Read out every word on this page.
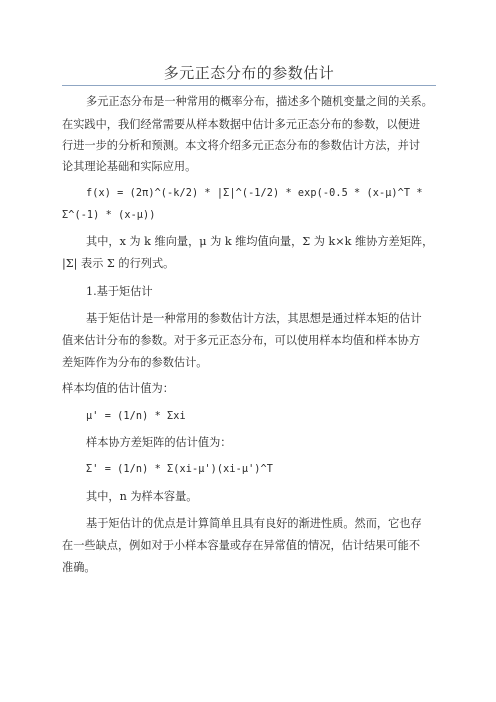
多元正态分布的参数估计
多元正态分布是一种常用的概率分布，描述多个随机变量之间的关系。
在实践中，我们经常需要从样本数据中估计多元正态分布的参数，以便进
行进一步的分析和预测。本文将介绍多元正态分布的参数估计方法，并讨
论其理论基础和实际应用。
f(x) = (2π)^(-k/2) * |Σ|^(-1/2) * exp(-0.5 * (x-μ)^T *
Σ^(-1) * (x-μ))
其中，x 为 k 维向量，μ 为 k 维均值向量，Σ 为 k×k 维协方差矩阵，
|Σ| 表示 Σ 的行列式。
1.基于矩估计
基于矩估计是一种常用的参数估计方法，其思想是通过样本矩的估计
值来估计分布的参数。对于多元正态分布，可以使用样本均值和样本协方
差矩阵作为分布的参数估计。
样本均值的估计值为：
μ' = (1/n) * Σxi
样本协方差矩阵的估计值为：
Σ' = (1/n) * Σ(xi-μ')(xi-μ')^T
其中，n 为样本容量。
基于矩估计的优点是计算简单且具有良好的渐进性质。然而，它也存
在一些缺点，例如对于小样本容量或存在异常值的情况，估计结果可能不
准确。
